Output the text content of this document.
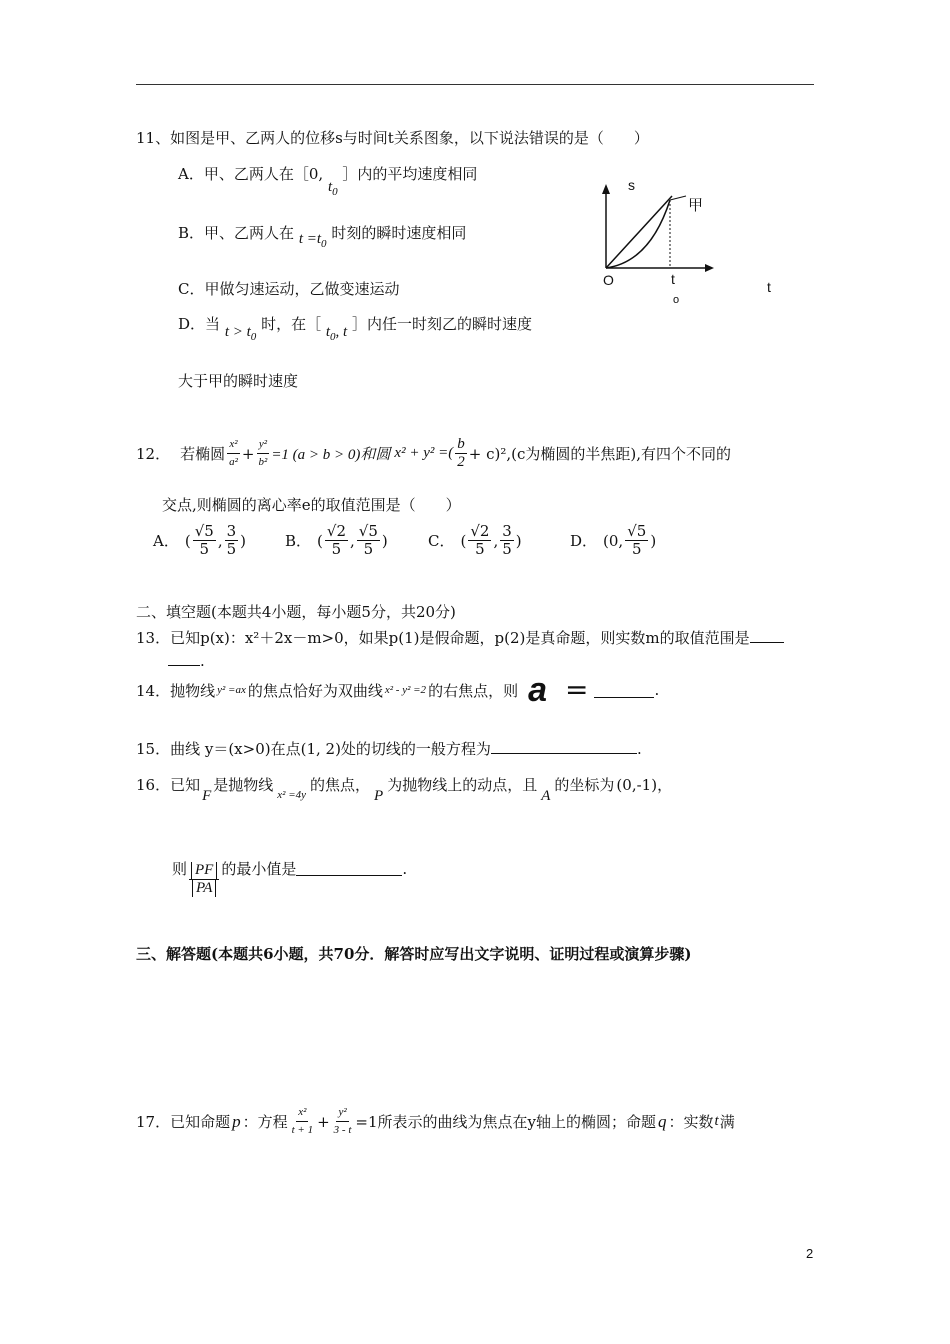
11、如图是甲、乙两人的位移s与时间t关系图象，以下说法错误的是（　　）
A．甲、乙两人在［0, $t_0$ ］内的平均速度相同
B．甲、乙两人在 $t =t_0$ 时刻的瞬时速度相同
C．甲做匀速运动，乙做变速运动
D．当 $t > t_0$ 时，在［ $t_0$, t ］内任一时刻乙的瞬时速度
大于甲的瞬时速度
s
甲
O	t
o
t
12． 若椭圆 $\frac{\text{x²}}{\text{a²}} + \frac{\text{y²}}{\text{b²}} =1$ (a > b > 0)和圆 x² + y² =( $\frac{b}{2} + c)^2,(c$为椭圆的半焦距),有四个不同的
交点,则椭圆的离心率e的取值范围是（　　）
A． ( $\frac{√5}{5}$ , $\frac{3}{5}$ )	B． ( $\frac{√2}{5}$ , $\frac{√5}{5}$ )	C． ( $\frac{√2}{5}$ , $\frac{3}{5}$ )	D． (0, $\frac{√5}{5}$ )
二、填空题(本题共4小题，每小题5分，共20分)
13．已知p(x)：x²＋2x－m>0，如果p(1)是假命题，p(2)是真命题，则实数m的取值范围是
.
14．抛物线 y² =ax 的焦点恰好为双曲线 x² - y² =2 的右焦点，则 a =	.
15．曲线 y＝(x>0)在点(1, 2)处的切线的一般方程为	.
16．已知
F
是抛物线
x² =4y
的焦点，
P
为抛物线上的动点，且
A
的坐标为 (0,-1) ，
则 $\frac{PF}{PA}$ 的最小值是	.
三、解答题(本题共6小题，共70分．解答时应写出文字说明、证明过程或演算步骤)
17．已知命题 p ：方程 $\frac{\text{x²}}{t + 1} + \frac{\text{y²}}{3 - t} =1$所表示的曲线为焦点在y轴上的椭圆；命题 q ：实数 t 满
2
